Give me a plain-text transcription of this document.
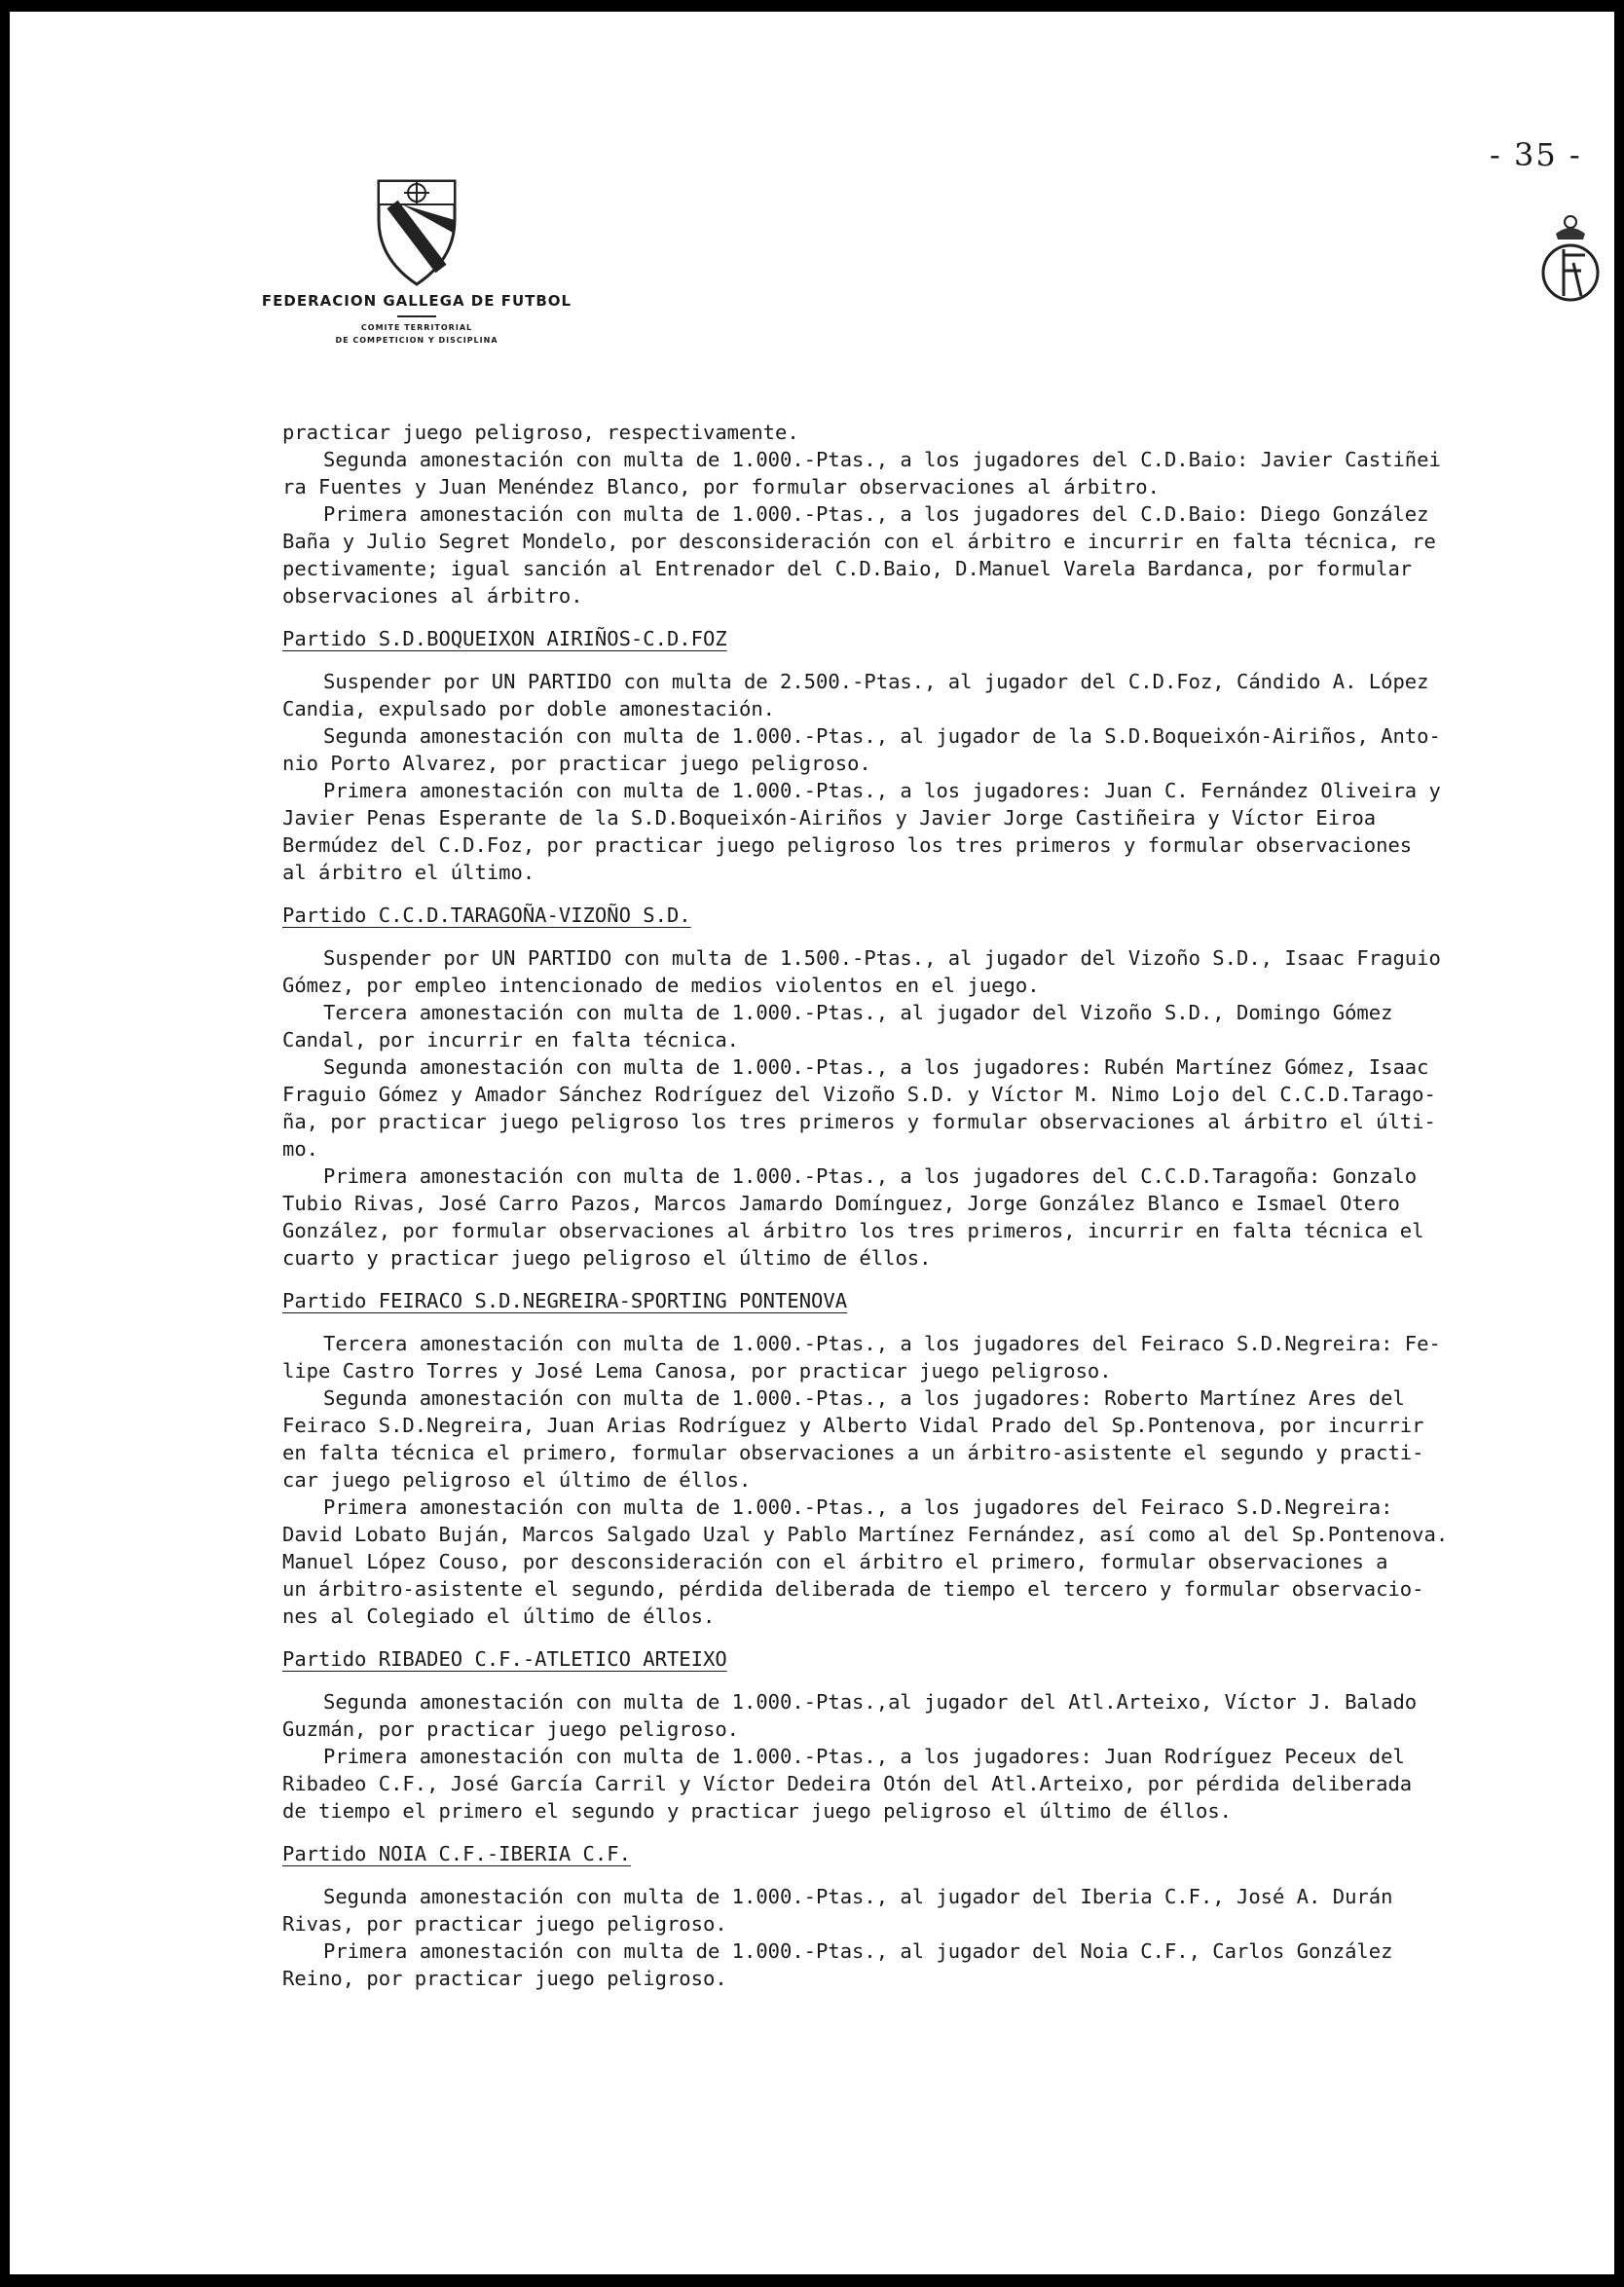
- 35 -
FEDERACION GALLEGA DE FUTBOL
COMITE TERRITORIAL
DE COMPETICION Y DISCIPLINA

practicar juego peligroso, respectivamente.

Segunda amonestación con multa de 1.000.-Ptas., a los jugadores del C.D.Baio: Javier Castiñei

ra Fuentes y Juan Menéndez Blanco, por formular observaciones al árbitro.

Primera amonestación con multa de 1.000.-Ptas., a los jugadores del C.D.Baio: Diego González

Baña y Julio Segret Mondelo, por desconsideración con el árbitro e incurrir en falta técnica, re

pectivamente; igual sanción al Entrenador del C.D.Baio, D.Manuel Varela Bardanca, por formular

observaciones al árbitro.

Partido S.D.BOQUEIXON AIRIÑOS-C.D.FOZ

Suspender por UN PARTIDO con multa de 2.500.-Ptas., al jugador del C.D.Foz, Cándido A. López

Candia, expulsado por doble amonestación.

Segunda amonestación con multa de 1.000.-Ptas., al jugador de la S.D.Boqueixón-Airiños, Anto-

nio Porto Alvarez, por practicar juego peligroso.

Primera amonestación con multa de 1.000.-Ptas., a los jugadores: Juan C. Fernández Oliveira y

Javier Penas Esperante de la S.D.Boqueixón-Airiños y Javier Jorge Castiñeira y Víctor Eiroa

Bermúdez del C.D.Foz, por practicar juego peligroso los tres primeros y formular observaciones

al árbitro el último.

Partido C.C.D.TARAGOÑA-VIZOÑO S.D.

Suspender por UN PARTIDO con multa de 1.500.-Ptas., al jugador del Vizoño S.D., Isaac Fraguio

Gómez, por empleo intencionado de medios violentos en el juego.

Tercera amonestación con multa de 1.000.-Ptas., al jugador del Vizoño S.D., Domingo Gómez

Candal, por incurrir en falta técnica.

Segunda amonestación con multa de 1.000.-Ptas., a los jugadores: Rubén Martínez Gómez, Isaac

Fraguio Gómez y Amador Sánchez Rodríguez del Vizoño S.D. y Víctor M. Nimo Lojo del C.C.D.Tarago-

ña, por practicar juego peligroso los tres primeros y formular observaciones al árbitro el últi-

mo.

Primera amonestación con multa de 1.000.-Ptas., a los jugadores del C.C.D.Taragoña: Gonzalo

Tubio Rivas, José Carro Pazos, Marcos Jamardo Domínguez, Jorge González Blanco e Ismael Otero

González, por formular observaciones al árbitro los tres primeros, incurrir en falta técnica el

cuarto y practicar juego peligroso el último de éllos.

Partido FEIRACO S.D.NEGREIRA-SPORTING PONTENOVA

Tercera amonestación con multa de 1.000.-Ptas., a los jugadores del Feiraco S.D.Negreira: Fe-

lipe Castro Torres y José Lema Canosa, por practicar juego peligroso.

Segunda amonestación con multa de 1.000.-Ptas., a los jugadores: Roberto Martínez Ares del

Feiraco S.D.Negreira, Juan Arias Rodríguez y Alberto Vidal Prado del Sp.Pontenova, por incurrir

en falta técnica el primero, formular observaciones a un árbitro-asistente el segundo y practi-

car juego peligroso el último de éllos.

Primera amonestación con multa de 1.000.-Ptas., a los jugadores del Feiraco S.D.Negreira:

David Lobato Buján, Marcos Salgado Uzal y Pablo Martínez Fernández, así como al del Sp.Pontenova.

Manuel López Couso, por desconsideración con el árbitro el primero, formular observaciones a

un árbitro-asistente el segundo, pérdida deliberada de tiempo el tercero y formular observacio-

nes al Colegiado el último de éllos.

Partido RIBADEO C.F.-ATLETICO ARTEIXO

Segunda amonestación con multa de 1.000.-Ptas.,al jugador del Atl.Arteixo, Víctor J. Balado

Guzmán, por practicar juego peligroso.

Primera amonestación con multa de 1.000.-Ptas., a los jugadores: Juan Rodríguez Peceux del

Ribadeo C.F., José García Carril y Víctor Dedeira Otón del Atl.Arteixo, por pérdida deliberada

de tiempo el primero el segundo y practicar juego peligroso el último de éllos.

Partido NOIA C.F.-IBERIA C.F.

Segunda amonestación con multa de 1.000.-Ptas., al jugador del Iberia C.F., José A. Durán

Rivas, por practicar juego peligroso.

Primera amonestación con multa de 1.000.-Ptas., al jugador del Noia C.F., Carlos González

Reino, por practicar juego peligroso.
